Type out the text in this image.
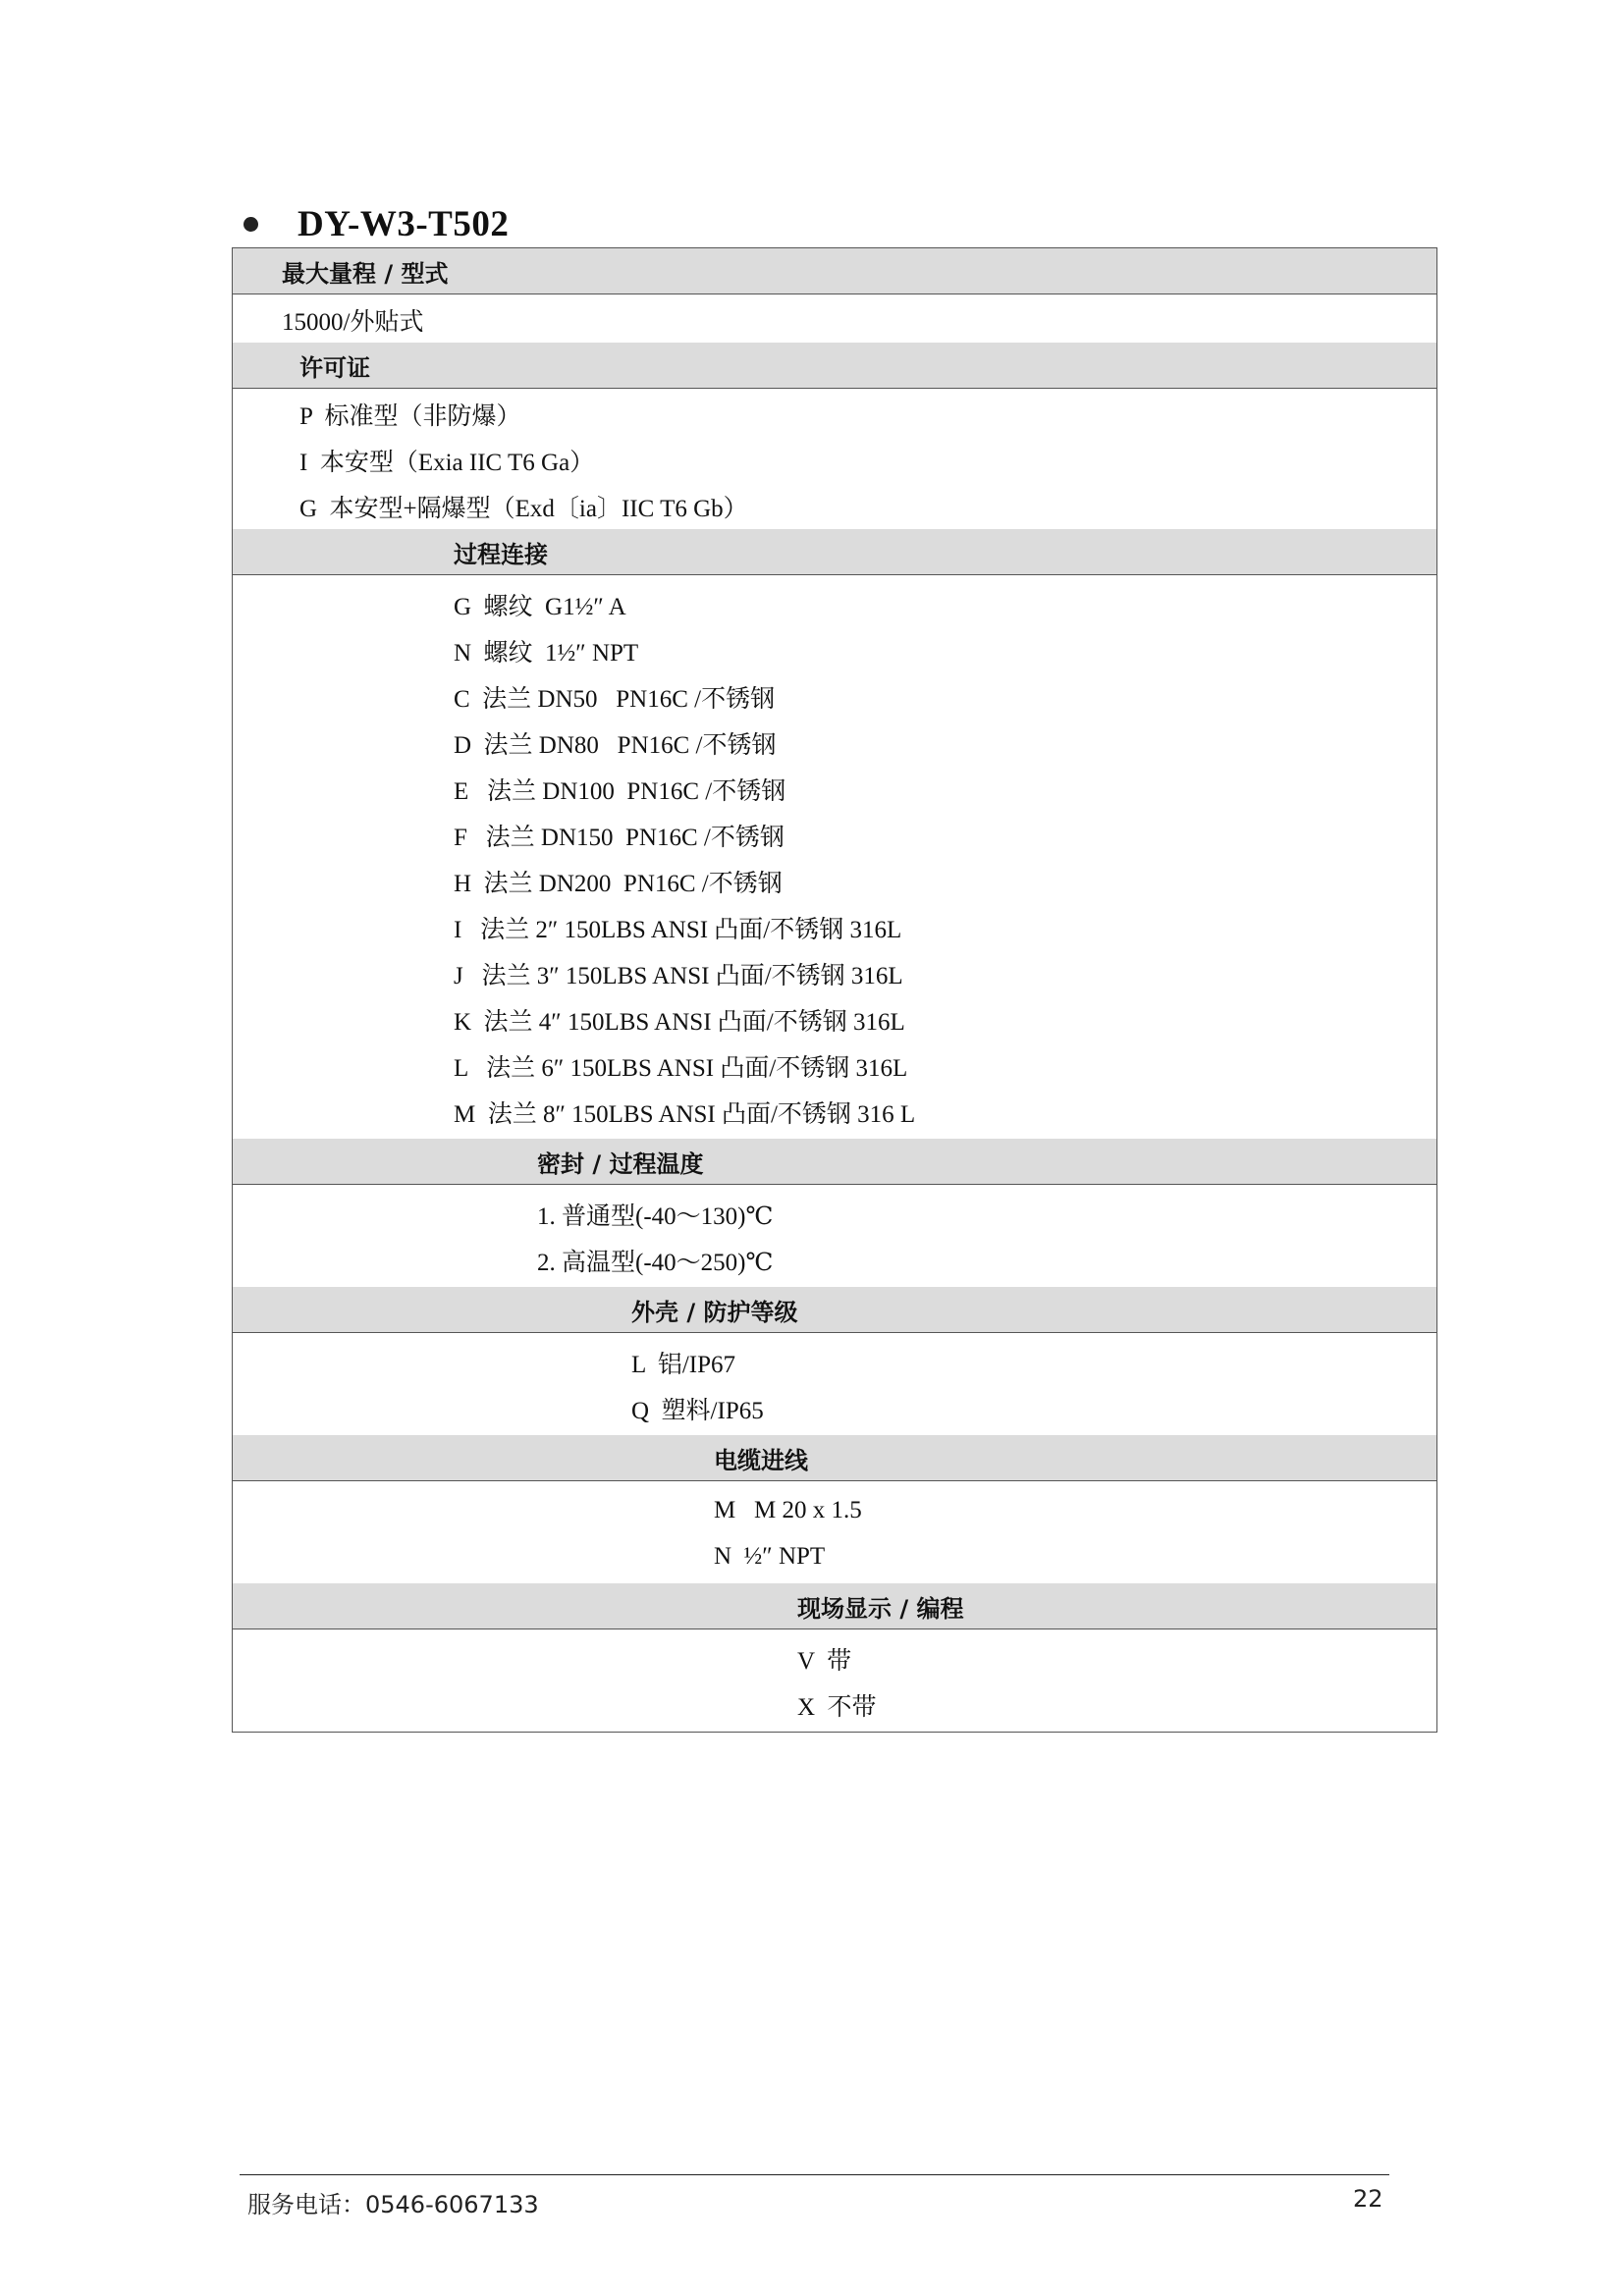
DY-W3-T502
最大量程 / 型式
15000/外贴式
许可证
P  标准型（非防爆）
I  本安型（Exia IIC T6 Ga）
G  本安型+隔爆型（Exd〔ia〕IIC T6 Gb）
过程连接
G  螺纹  G1½″ A
N  螺纹  1½″ NPT
C  法兰 DN50   PN16C /不锈钢
D  法兰 DN80   PN16C /不锈钢
E   法兰 DN100  PN16C /不锈钢
F   法兰 DN150  PN16C /不锈钢
H  法兰 DN200  PN16C /不锈钢
I   法兰 2″ 150LBS ANSI 凸面/不锈钢 316L
J   法兰 3″ 150LBS ANSI 凸面/不锈钢 316L
K  法兰 4″ 150LBS ANSI 凸面/不锈钢 316L
L   法兰 6″ 150LBS ANSI 凸面/不锈钢 316L
M  法兰 8″ 150LBS ANSI 凸面/不锈钢 316 L
密封 / 过程温度
1. 普通型(-40～130)℃
2. 高温型(-40～250)℃
外壳 / 防护等级
L  铝/IP67
Q  塑料/IP65
电缆进线
M   M 20 x 1.5
N  ½″ NPT
现场显示 / 编程
V  带
X  不带
服务电话：0546-6067133	22
